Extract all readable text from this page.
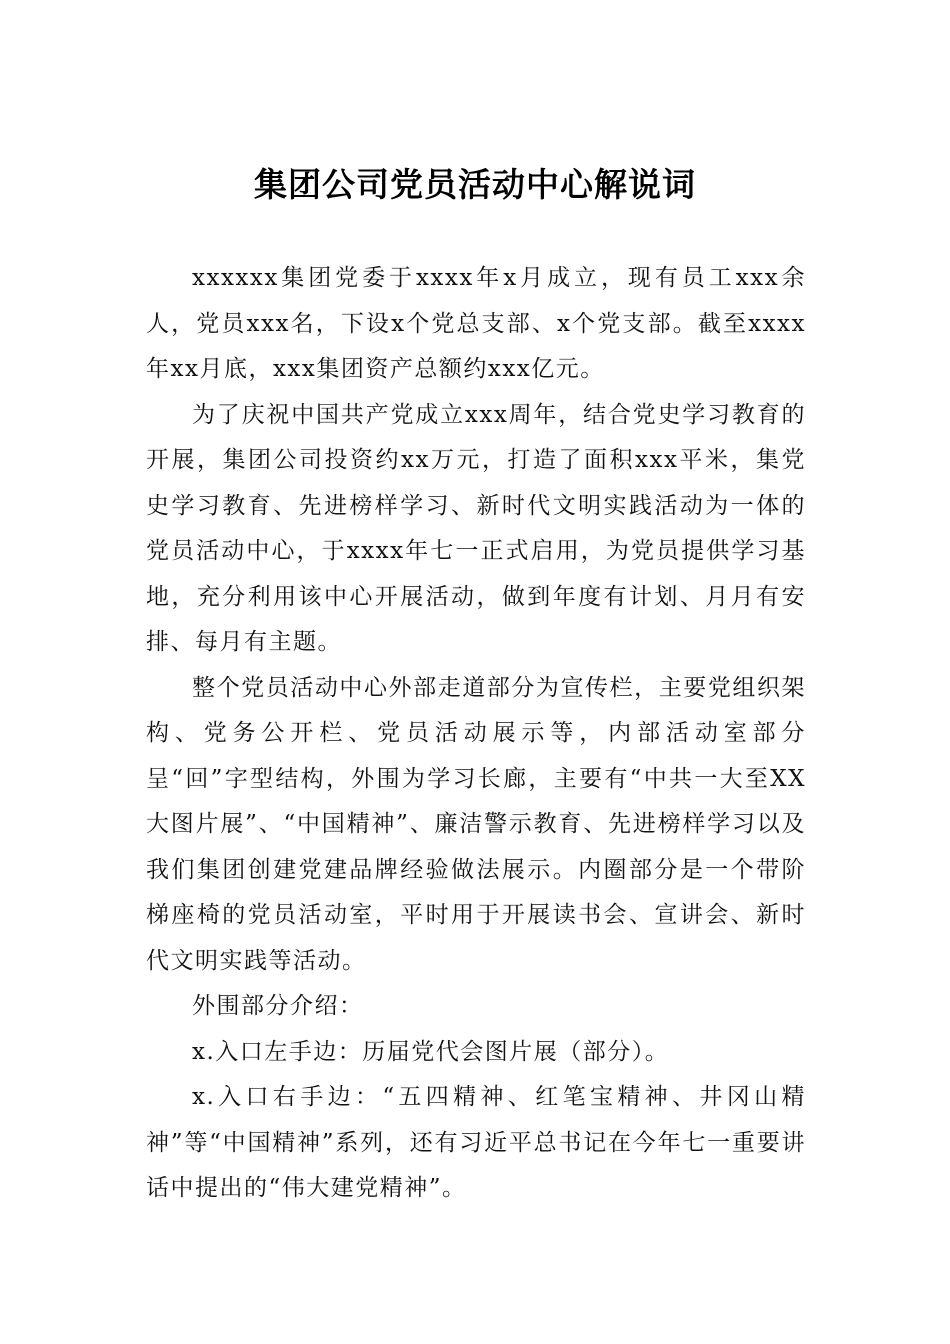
集团公司党员活动中心解说词

xxxxxx集团党委于xxxx年x月成立，现有员工xxx余人，党员xxx名，下设x个党总支部、x个党支部。截至xxxx年xx月底，xxx集团资产总额约xxx亿元。

为了庆祝中国共产党成立xxx周年，结合党史学习教育的开展，集团公司投资约xx万元，打造了面积xxx平米，集党史学习教育、先进榜样学习、新时代文明实践活动为一体的党员活动中心，于xxxx年七一正式启用，为党员提供学习基地，充分利用该中心开展活动，做到年度有计划、月月有安排、每月有主题。

整个党员活动中心外部走道部分为宣传栏，主要党组织架构、党务公开栏、党员活动展示等，内部活动室部分呈“回”字型结构，外围为学习长廊，主要有“中共一大至XX大图片展”、“中国精神”、廉洁警示教育、先进榜样学习以及我们集团创建党建品牌经验做法展示。内圈部分是一个带阶梯座椅的党员活动室，平时用于开展读书会、宣讲会、新时代文明实践等活动。

外围部分介绍：

x.入口左手边：历届党代会图片展（部分）。

x.入口右手边：“五四精神、红笔宝精神、井冈山精神”等“中国精神”系列，还有习近平总书记在今年七一重要讲话中提出的“伟大建党精神”。
